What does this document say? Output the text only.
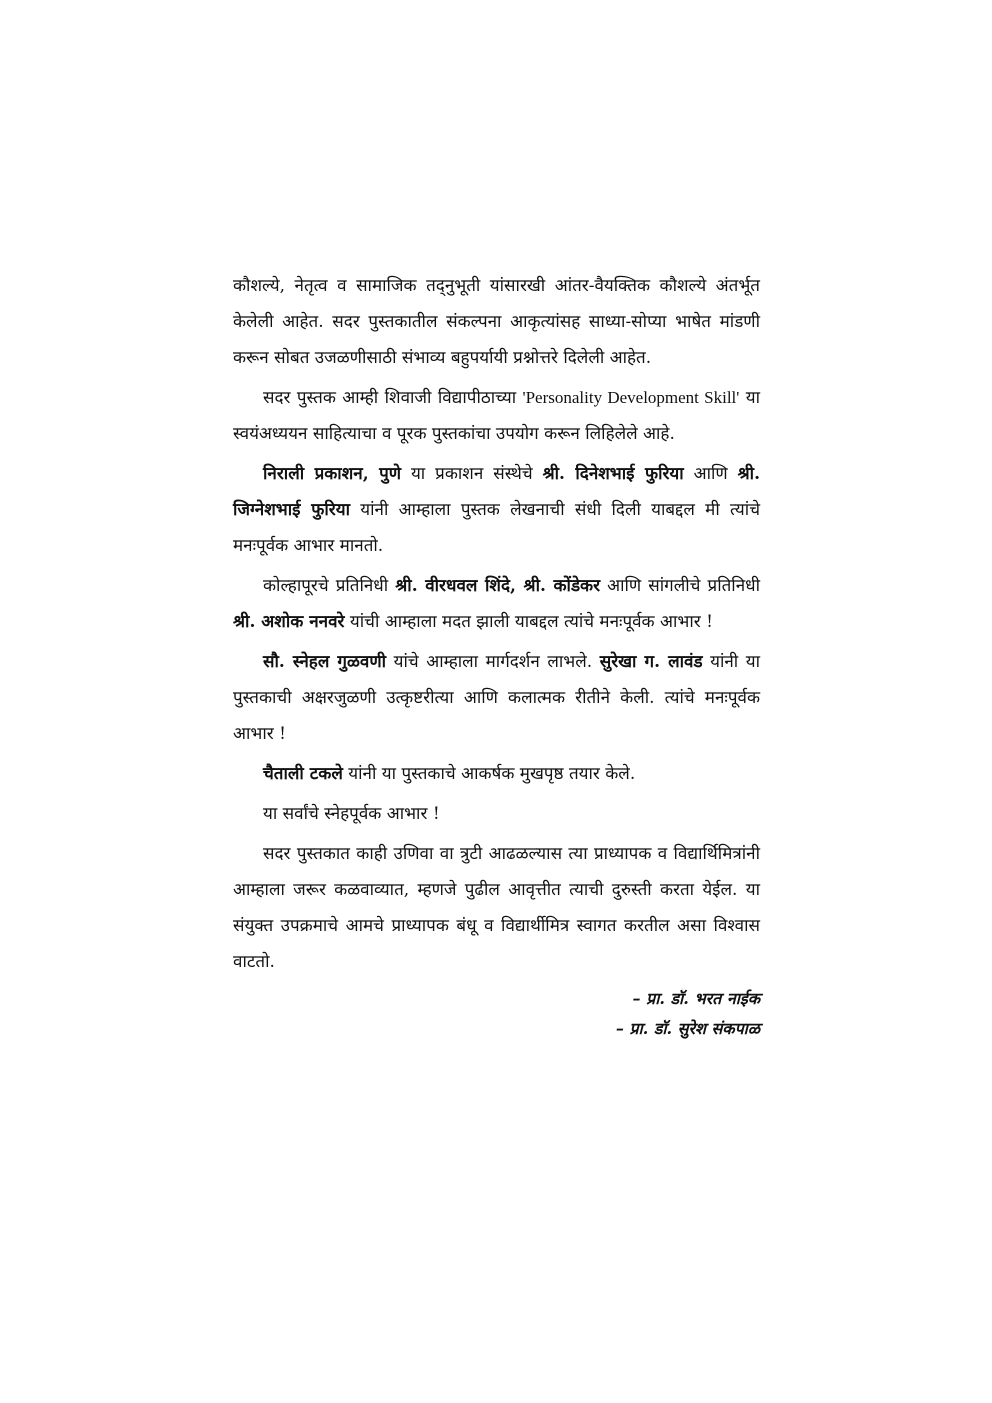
कौशल्ये, नेतृत्व व सामाजिक तद्नुभूती यांसारखी आंतर-वैयक्तिक कौशल्ये अंतर्भूत केलेली आहेत. सदर पुस्तकातील संकल्पना आकृत्यांसह साध्या-सोप्या भाषेत मांडणी करून सोबत उजळणीसाठी संभाव्य बहुपर्यायी प्रश्नोत्तरे दिलेली आहेत.

सदर पुस्तक आम्ही शिवाजी विद्यापीठाच्या 'Personality Development Skill' या स्वयंअध्ययन साहित्याचा व पूरक पुस्तकांचा उपयोग करून लिहिलेले आहे.

निराली प्रकाशन, पुणे या प्रकाशन संस्थेचे श्री. दिनेशभाई फुरिया आणि श्री. जिग्नेशभाई फुरिया यांनी आम्हाला पुस्तक लेखनाची संधी दिली याबद्दल मी त्यांचे मनःपूर्वक आभार मानतो.

कोल्हापूरचे प्रतिनिधी श्री. वीरधवल शिंदे, श्री. कोंडेकर आणि सांगलीचे प्रतिनिधी श्री. अशोक ननवरे यांची आम्हाला मदत झाली याबद्दल त्यांचे मनःपूर्वक आभार !

सौ. स्नेहल गुळवणी यांचे आम्हाला मार्गदर्शन लाभले. सुरेखा ग. लावंड यांनी या पुस्तकाची अक्षरजुळणी उत्कृष्टरीत्या आणि कलात्मक रीतीने केली. त्यांचे मनःपूर्वक आभार !

चैताली टकले यांनी या पुस्तकाचे आकर्षक मुखपृष्ठ तयार केले.

या सर्वांचे स्नेहपूर्वक आभार !

सदर पुस्तकात काही उणिवा वा त्रुटी आढळल्यास त्या प्राध्यापक व विद्यार्थिमित्रांनी आम्हाला जरूर कळवाव्यात, म्हणजे पुढील आवृत्तीत त्याची दुरुस्ती करता येईल. या संयुक्त उपक्रमाचे आमचे प्राध्यापक बंधू व विद्यार्थीमित्र स्वागत करतील असा विश्वास वाटतो.

– प्रा. डॉ. भरत नाईक

– प्रा. डॉ. सुरेश संकपाळ
